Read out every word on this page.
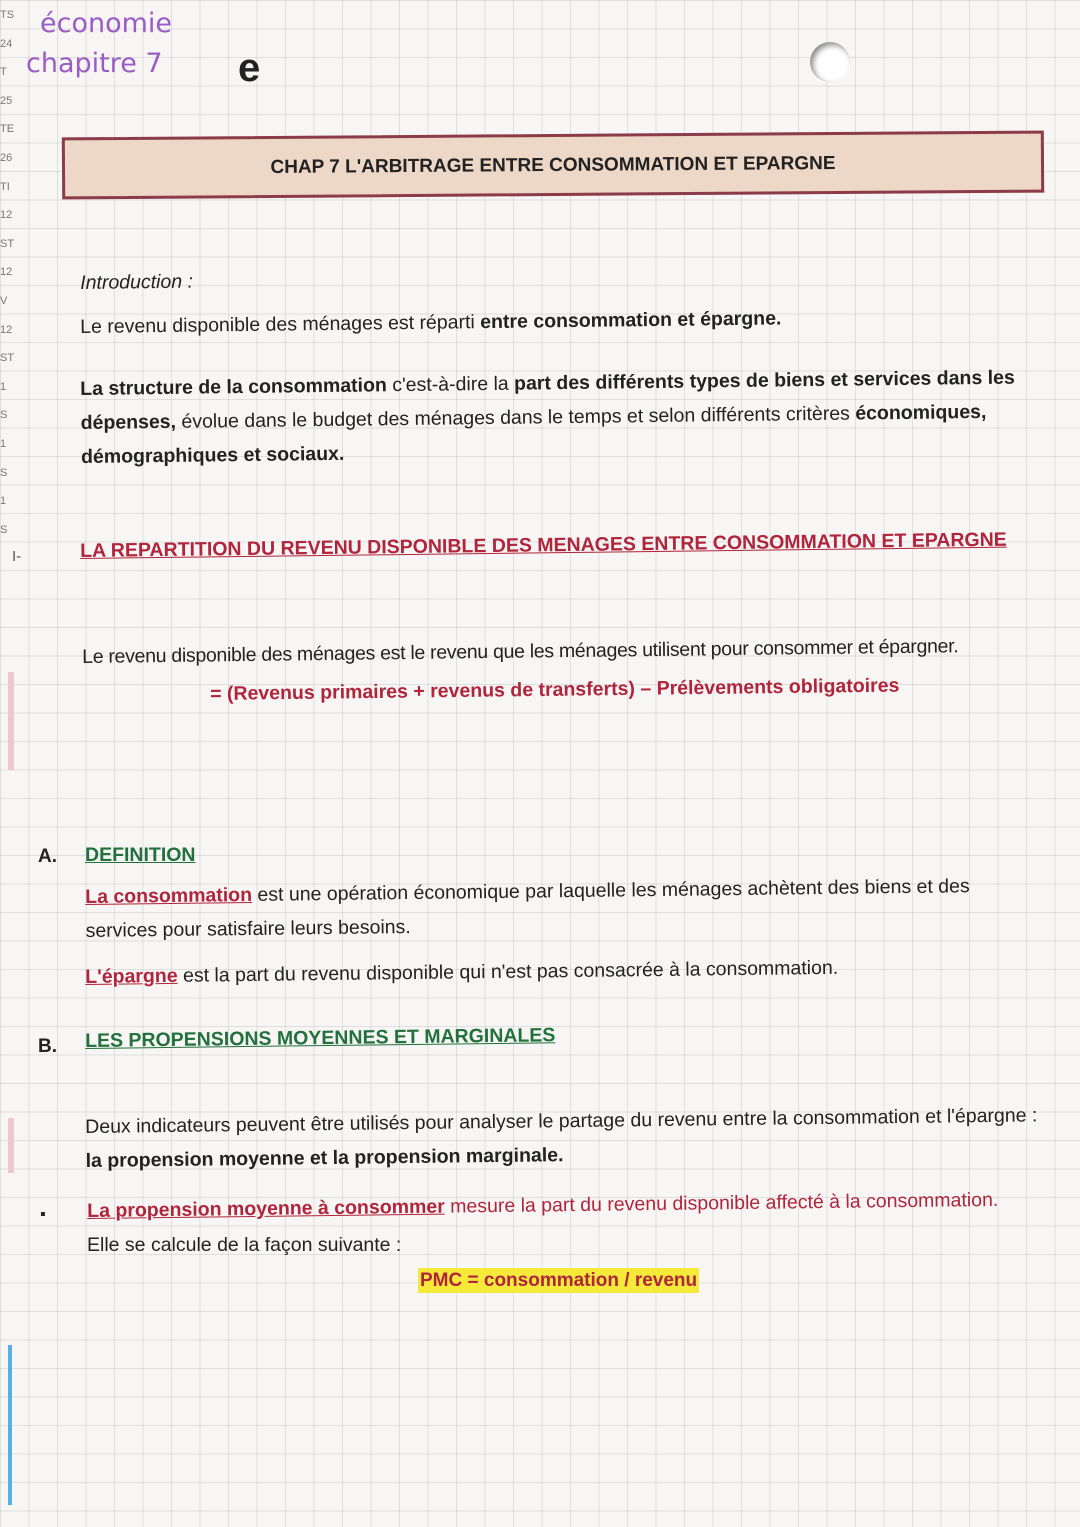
TS
24
T
25
TE
26
TI
12
ST
12
V
12
ST
1
S
1
S
1
S
économie
chapitre 7 e
CHAP 7 L'ARBITRAGE ENTRE CONSOMMATION ET EPARGNE
Introduction :

Le revenu disponible des ménages est réparti entre consommation et épargne.

La structure de la consommation c'est-à-dire la part des différents types de biens et services dans les dépenses, évolue dans le budget des ménages dans le temps et selon différents critères économiques, démographiques et sociaux.

I-	LA REPARTITION DU REVENU DISPONIBLE DES MENAGES ENTRE CONSOMMATION ET EPARGNE

Le revenu disponible des ménages est le revenu que les ménages utilisent pour consommer et épargner.

= (Revenus primaires + revenus de transferts) – Prélèvements obligatoires
A. DEFINITION

La consommation est une opération économique par laquelle les ménages achètent des biens et des services pour satisfaire leurs besoins.

L'épargne est la part du revenu disponible qui n'est pas consacrée à la consommation.

B. LES PROPENSIONS MOYENNES ET MARGINALES

Deux indicateurs peuvent être utilisés pour analyser le partage du revenu entre la consommation et l'épargne : la propension moyenne et la propension marginale.

▪ La propension moyenne à consommer mesure la part du revenu disponible affecté à la consommation.

Elle se calcule de la façon suivante :

PMC = consommation / revenu
